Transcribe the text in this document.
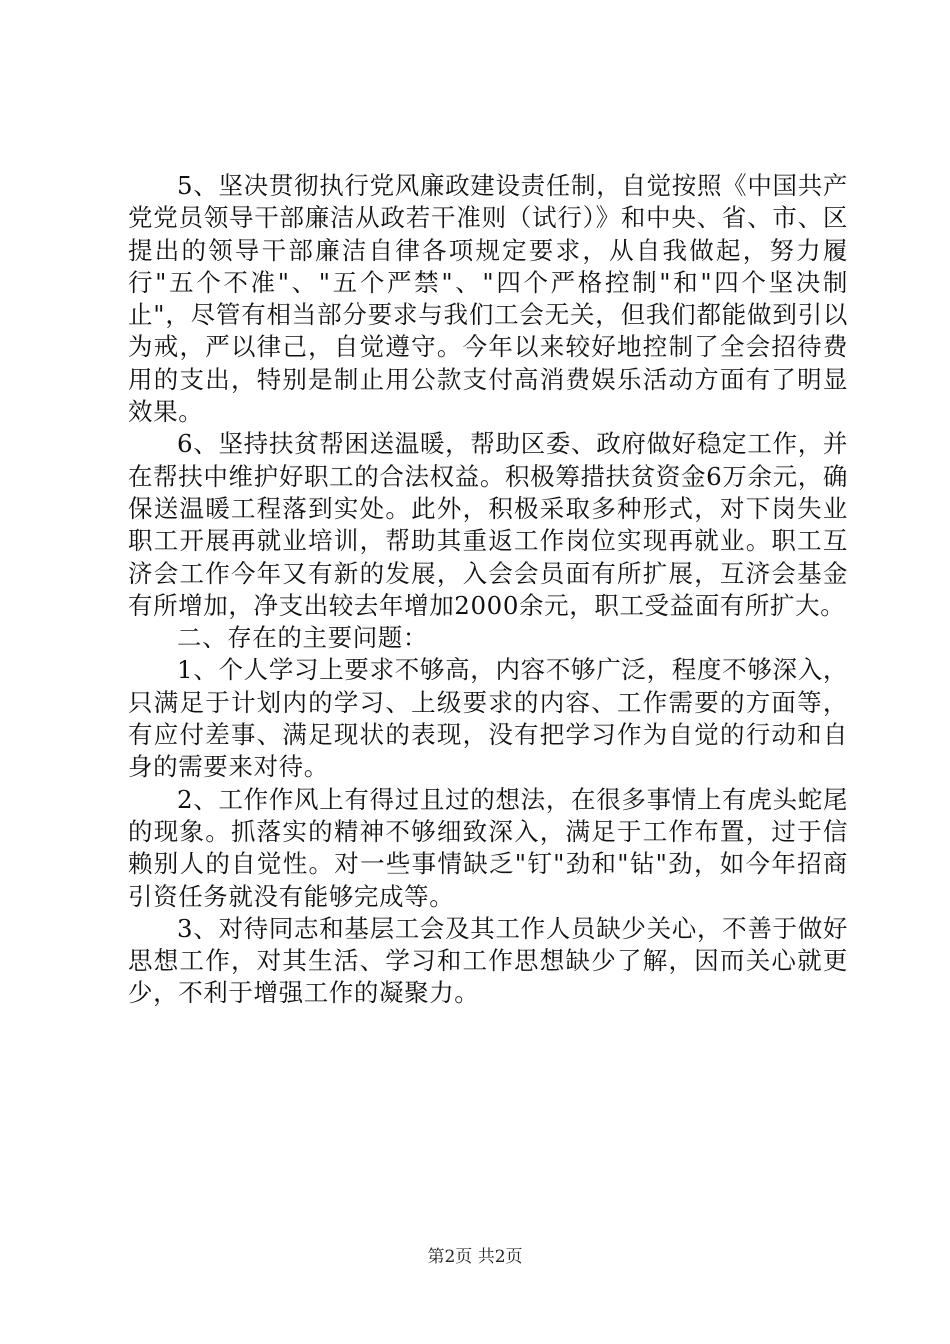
5、坚决贯彻执行党风廉政建设责任制，自觉按照《中国共产党党员领导干部廉洁从政若干准则（试行）》和中央、省、市、区提出的领导干部廉洁自律各项规定要求，从自我做起，努力履行"五个不准"、"五个严禁"、"四个严格控制"和"四个坚决制止"，尽管有相当部分要求与我们工会无关，但我们都能做到引以为戒，严以律己，自觉遵守。今年以来较好地控制了全会招待费用的支出，特别是制止用公款支付高消费娱乐活动方面有了明显效果。

6、坚持扶贫帮困送温暖，帮助区委、政府做好稳定工作，并在帮扶中维护好职工的合法权益。积极筹措扶贫资金6万余元，确保送温暖工程落到实处。此外，积极采取多种形式，对下岗失业职工开展再就业培训，帮助其重返工作岗位实现再就业。职工互济会工作今年又有新的发展，入会会员面有所扩展，互济会基金有所增加，净支出较去年增加2000余元，职工受益面有所扩大。

二、存在的主要问题：

1、个人学习上要求不够高，内容不够广泛，程度不够深入，只满足于计划内的学习、上级要求的内容、工作需要的方面等，有应付差事、满足现状的表现，没有把学习作为自觉的行动和自身的需要来对待。

2、工作作风上有得过且过的想法，在很多事情上有虎头蛇尾的现象。抓落实的精神不够细致深入，满足于工作布置，过于信赖别人的自觉性。对一些事情缺乏"钉"劲和"钻"劲，如今年招商引资任务就没有能够完成等。

3、对待同志和基层工会及其工作人员缺少关心，不善于做好思想工作，对其生活、学习和工作思想缺少了解，因而关心就更少，不利于增强工作的凝聚力。

第2页 共2页
